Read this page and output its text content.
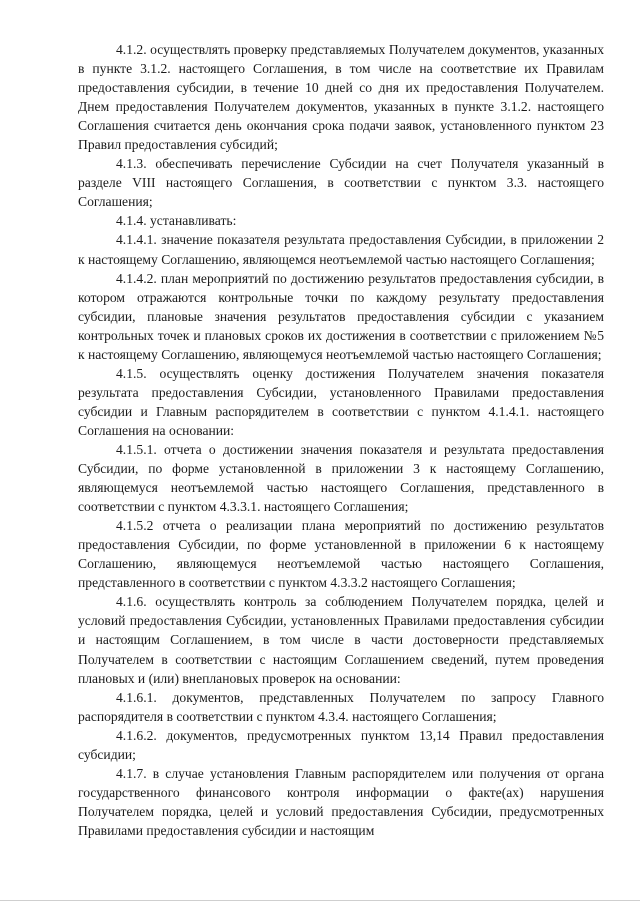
4.1.2. осуществлять проверку представляемых Получателем документов, указанных в пункте 3.1.2. настоящего Соглашения, в том числе на соответствие их Правилам предоставления субсидии, в течение 10 дней со дня их предоставления Получателем. Днем предоставления Получателем документов, указанных в пункте 3.1.2. настоящего Соглашения считается день окончания срока подачи заявок, установленного пунктом 23 Правил предоставления субсидий;

4.1.3. обеспечивать перечисление Субсидии на счет Получателя указанный в разделе VIII настоящего Соглашения, в соответствии с пунктом 3.3. настоящего Соглашения;

4.1.4. устанавливать:

4.1.4.1. значение показателя результата предоставления Субсидии, в приложении 2 к настоящему Соглашению, являющемся неотъемлемой частью настоящего Соглашения;

4.1.4.2. план мероприятий по достижению результатов предоставления субсидии, в котором отражаются контрольные точки по каждому результату предоставления субсидии, плановые значения результатов предоставления субсидии с указанием контрольных точек и плановых сроков их достижения в соответствии с приложением №5 к настоящему Соглашению, являющемуся неотъемлемой частью настоящего Соглашения;

4.1.5. осуществлять оценку достижения Получателем значения показателя результата предоставления Субсидии, установленного Правилами предоставления субсидии и Главным распорядителем в соответствии с пунктом 4.1.4.1. настоящего Соглашения на основании:

4.1.5.1. отчета о достижении значения показателя и результата предоставления Субсидии, по форме установленной в приложении 3 к настоящему Соглашению, являющемуся неотъемлемой частью настоящего Соглашения, представленного в соответствии с пунктом 4.3.3.1. настоящего Соглашения;

4.1.5.2 отчета о реализации плана мероприятий по достижению результатов предоставления Субсидии, по форме установленной в приложении 6 к настоящему Соглашению, являющемуся неотъемлемой частью настоящего Соглашения, представленного в соответствии с пунктом 4.3.3.2 настоящего Соглашения;

4.1.6. осуществлять контроль за соблюдением Получателем порядка, целей и условий предоставления Субсидии, установленных Правилами предоставления субсидии и настоящим Соглашением, в том числе в части достоверности представляемых Получателем в соответствии с настоящим Соглашением сведений, путем проведения плановых и (или) внеплановых проверок на основании:

4.1.6.1. документов, представленных Получателем по запросу Главного распорядителя в соответствии с пунктом 4.3.4. настоящего Соглашения;

4.1.6.2. документов, предусмотренных пунктом 13,14 Правил предоставления субсидии;

4.1.7. в случае установления Главным распорядителем или получения от органа государственного финансового контроля информации о факте(ах) нарушения Получателем порядка, целей и условий предоставления Субсидии, предусмотренных Правилами предоставления субсидии и настоящим
